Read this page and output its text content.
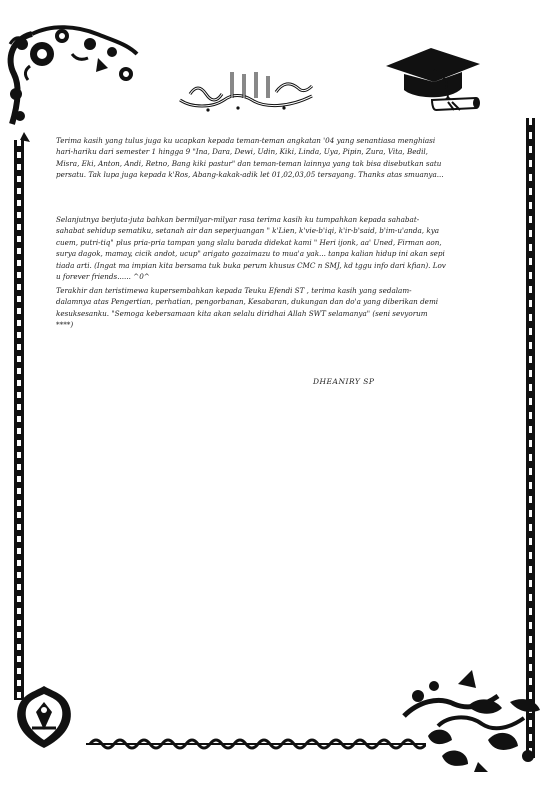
Terima kasih yang tulus juga ku ucapkan kepada teman-teman angkatan '04 yang senantiasa menghiasi hari-hariku dari semester 1 hingga 9 "Ina, Dara, Dewi, Udin, Kiki, Linda, Uya, Pipin, Zura, Vita, Bedil, Misra, Eki, Anton, Andi, Retno, Bang kiki pastur" dan teman-teman lainnya yang tak bisa disebutkan satu persatu. Tak lupa juga kepada k'Ros, Abang-kakak-adik let 01,02,03,05 tersayang. Thanks atas smuanya...

Selanjutnya berjuta-juta bahkan bermilyar-milyar rasa terima kasih ku tumpahkan kepada sahabat-sahabat sehidup sematiku, setanah air dan seperjuangan " k'Lien, k'vie-b'iqi, k'ir-b'said, b'im-u'anda, kya cuem, putri-tiq" plus pria-pria tampan yang slalu barada didekat kami " Heri ijonk, aa' Uned, Firman aon, surya dagok, mamay, cicik andot, ucup" arigato gozaimazu to mua'a yak... tanpa kalian hidup ini akan sepi tiada arti. (Ingat ma impian kita bersama tuk buka perum khusus CMC n SMJ, kd tggu info dari kfian). Lov u forever friends...... ^0^

Terakhir dan teristimewa kupersembahkan kepada Teuku Efendi ST , terima kasih yang sedalam-dalamnya atas Pengertian, perhatian, pengorbanan, Kesabaran, dukungan dan do'a yang diberikan demi kesuksesanku. "Semoga kebersamaan kita akan selalu diridhai Allah SWT selamanya" (seni sevyorum ****)

DHEANIRY SP
